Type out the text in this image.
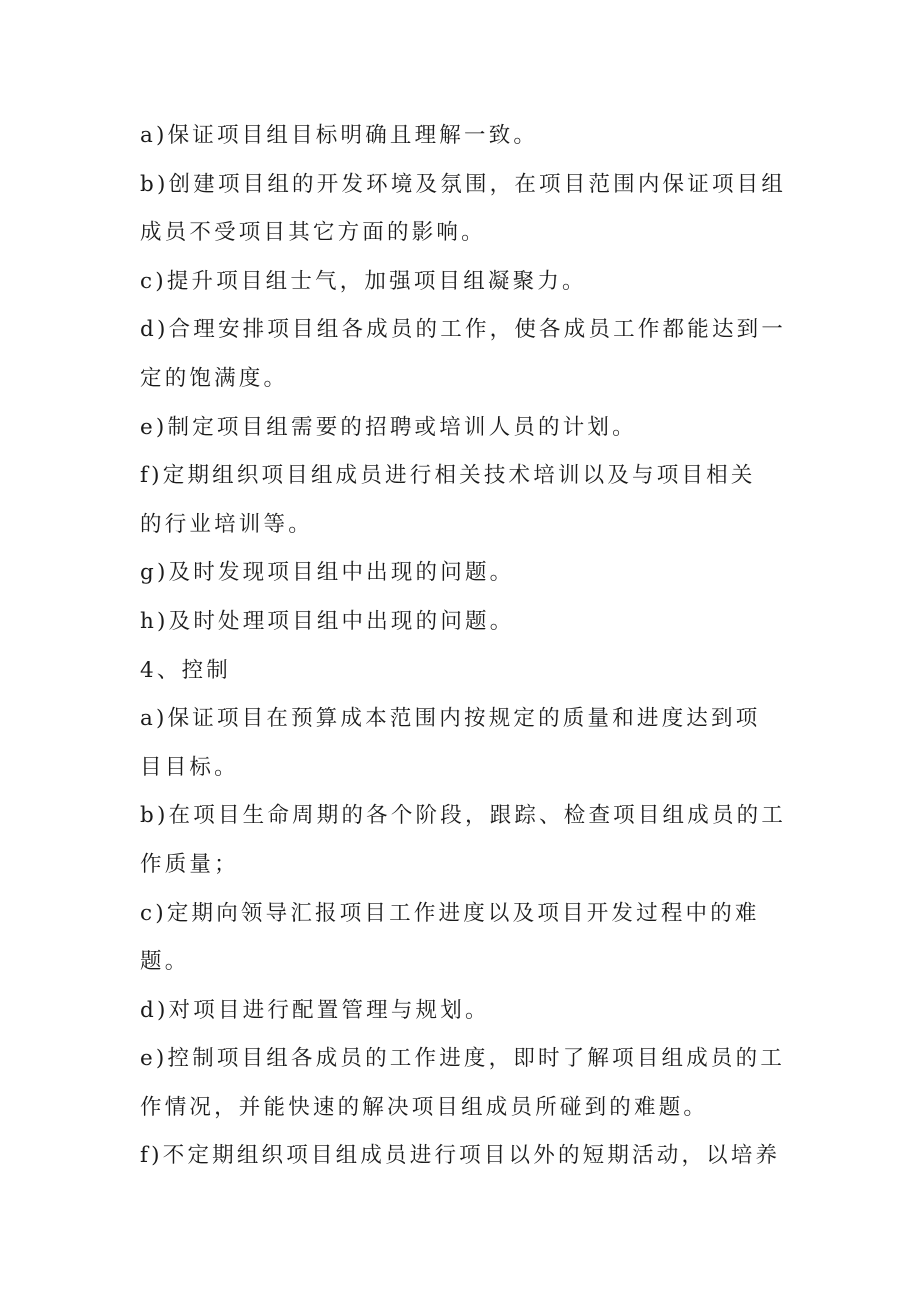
a)保证项目组目标明确且理解一致。

b)创建项目组的开发环境及氛围，在项目范围内保证项目组
成员不受项目其它方面的影响。

c)提升项目组士气，加强项目组凝聚力。

d)合理安排项目组各成员的工作，使各成员工作都能达到一
定的饱满度。

e)制定项目组需要的招聘或培训人员的计划。

f)定期组织项目组成员进行相关技术培训以及与项目相关
的行业培训等。

g)及时发现项目组中出现的问题。

h)及时处理项目组中出现的问题。

4、控制

a)保证项目在预算成本范围内按规定的质量和进度达到项
目目标。

b)在项目生命周期的各个阶段，跟踪、检查项目组成员的工
作质量；

c)定期向领导汇报项目工作进度以及项目开发过程中的难
题。

d)对项目进行配置管理与规划。

e)控制项目组各成员的工作进度，即时了解项目组成员的工
作情况，并能快速的解决项目组成员所碰到的难题。

f)不定期组织项目组成员进行项目以外的短期活动，以培养
